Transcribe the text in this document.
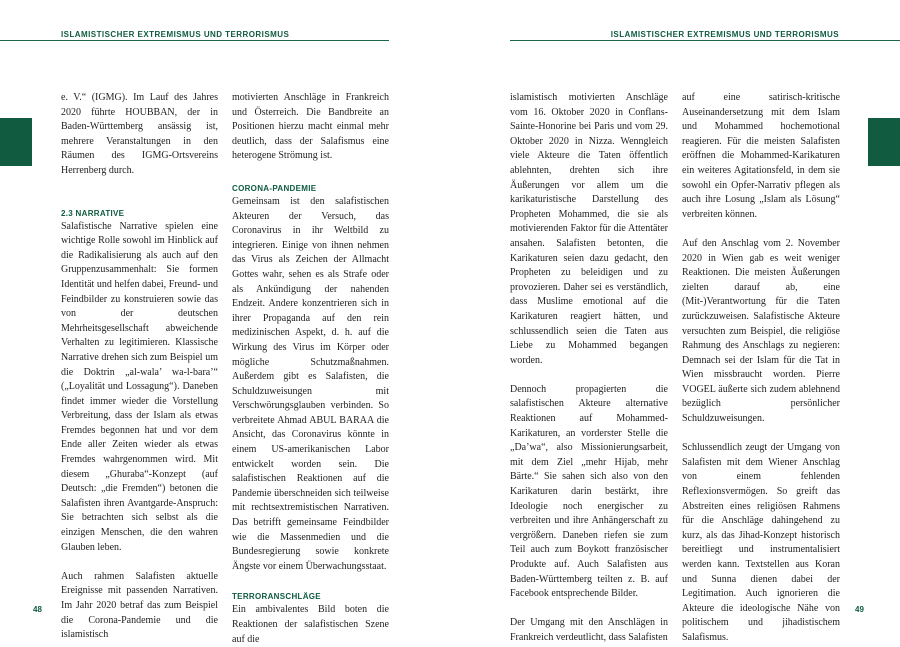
ISLAMISTISCHER EXTREMISMUS UND TERRORISMUS	ISLAMISTISCHER EXTREMISMUS UND TERRORISMUS

e. V.“ (IGMG). Im Lauf des Jahres 2020 führte HOUBBAN, der in Baden-Württemberg ansässig ist, mehrere Veranstaltungen in den Räumen des IGMG-Ortsvereins Herrenberg durch.

2.3 NARRATIVE

Salafistische Narrative spielen eine wichtige Rolle sowohl im Hinblick auf die Radikalisierung als auch auf den Gruppenzusammenhalt: Sie formen Identität und helfen dabei, Freund- und Feindbilder zu konstruieren sowie das von der deutschen Mehrheitsgesellschaft abweichende Verhalten zu legitimieren. Klassische Narrative drehen sich zum Beispiel um die Doktrin „al-wala’ wa-l-bara’“ („Loyalität und Lossagung“). Daneben findet immer wieder die Vorstellung Verbreitung, dass der Islam als etwas Fremdes begonnen hat und vor dem Ende aller Zeiten wieder als etwas Fremdes wahrgenommen wird. Mit diesem „Ghuraba“-Konzept (auf Deutsch: „die Fremden“) betonen die Salafisten ihren Avantgarde-Anspruch: Sie betrachten sich selbst als die einzigen Menschen, die den wahren Glauben leben.

Auch rahmen Salafisten aktuelle Ereignisse mit passenden Narrativen. Im Jahr 2020 betraf das zum Beispiel die Corona-Pandemie und die islamistisch

motivierten Anschläge in Frankreich und Österreich. Die Bandbreite an Positionen hierzu macht einmal mehr deutlich, dass der Salafismus eine heterogene Strömung ist.

CORONA-PANDEMIE

Gemeinsam ist den salafistischen Akteuren der Versuch, das Coronavirus in ihr Weltbild zu integrieren. Einige von ihnen nehmen das Virus als Zeichen der Allmacht Gottes wahr, sehen es als Strafe oder als Ankündigung der nahenden Endzeit. Andere konzentrieren sich in ihrer Propaganda auf den rein medizinischen Aspekt, d. h. auf die Wirkung des Virus im Körper oder mögliche Schutzmaßnahmen. Außerdem gibt es Salafisten, die Schuldzuweisungen mit Verschwörungsglauben verbinden. So verbreitete Ahmad ABUL BARAA die Ansicht, das Coronavirus könnte in einem US-amerikanischen Labor entwickelt worden sein. Die salafistischen Reaktionen auf die Pandemie überschneiden sich teilweise mit rechtsextremistischen Narrativen. Das betrifft gemeinsame Feindbilder wie die Massenmedien und die Bundesregierung sowie konkrete Ängste vor einem Überwachungsstaat.

TERRORANSCHLÄGE

Ein ambivalentes Bild boten die Reaktionen der salafistischen Szene auf die

islamistisch motivierten Anschläge vom 16. Oktober 2020 in Conflans-Sainte-Honorine bei Paris und vom 29. Oktober 2020 in Nizza. Wenngleich viele Akteure die Taten öffentlich ablehnten, drehten sich ihre Äußerungen vor allem um die karikaturistische Darstellung des Propheten Mohammed, die sie als motivierenden Faktor für die Attentäter ansahen. Salafisten betonten, die Karikaturen seien dazu gedacht, den Propheten zu beleidigen und zu provozieren. Daher sei es verständlich, dass Muslime emotional auf die Karikaturen reagiert hätten, und schlussendlich seien die Taten aus Liebe zu Mohammed begangen worden.

Dennoch propagierten die salafistischen Akteure alternative Reaktionen auf Mohammed-Karikaturen, an vorderster Stelle die „Da’wa“, also Missionierungsarbeit, mit dem Ziel „mehr Hijab, mehr Bärte.“ Sie sahen sich also von den Karikaturen darin bestärkt, ihre Ideologie noch energischer zu verbreiten und ihre Anhängerschaft zu vergrößern. Daneben riefen sie zum Teil auch zum Boykott französischer Produkte auf. Auch Salafisten aus Baden-Württemberg teilten z. B. auf Facebook entsprechende Bilder.

Der Umgang mit den Anschlägen in Frankreich verdeutlicht, dass Salafisten

auf eine satirisch-kritische Auseinandersetzung mit dem Islam und Mohammed hochemotional reagieren. Für die meisten Salafisten eröffnen die Mohammed-Karikaturen ein weiteres Agitationsfeld, in dem sie sowohl ein Opfer-Narrativ pflegen als auch ihre Losung „Islam als Lösung“ verbreiten können.

Auf den Anschlag vom 2. November 2020 in Wien gab es weit weniger Reaktionen. Die meisten Äußerungen zielten darauf ab, eine (Mit-)Verantwortung für die Taten zurückzuweisen. Salafistische Akteure versuchten zum Beispiel, die religiöse Rahmung des Anschlags zu negieren: Demnach sei der Islam für die Tat in Wien missbraucht worden. Pierre VOGEL äußerte sich zudem ablehnend bezüglich persönlicher Schuldzuweisungen.

Schlussendlich zeugt der Umgang von Salafisten mit dem Wiener Anschlag von einem fehlenden Reflexionsvermögen. So greift das Abstreiten eines religiösen Rahmens für die Anschläge dahingehend zu kurz, als das Jihad-Konzept historisch bereitliegt und instrumentalisiert werden kann. Textstellen aus Koran und Sunna dienen dabei der Legitimation. Auch ignorieren die Akteure die ideologische Nähe von politischem und jihadistischem Salafismus.

48	49
